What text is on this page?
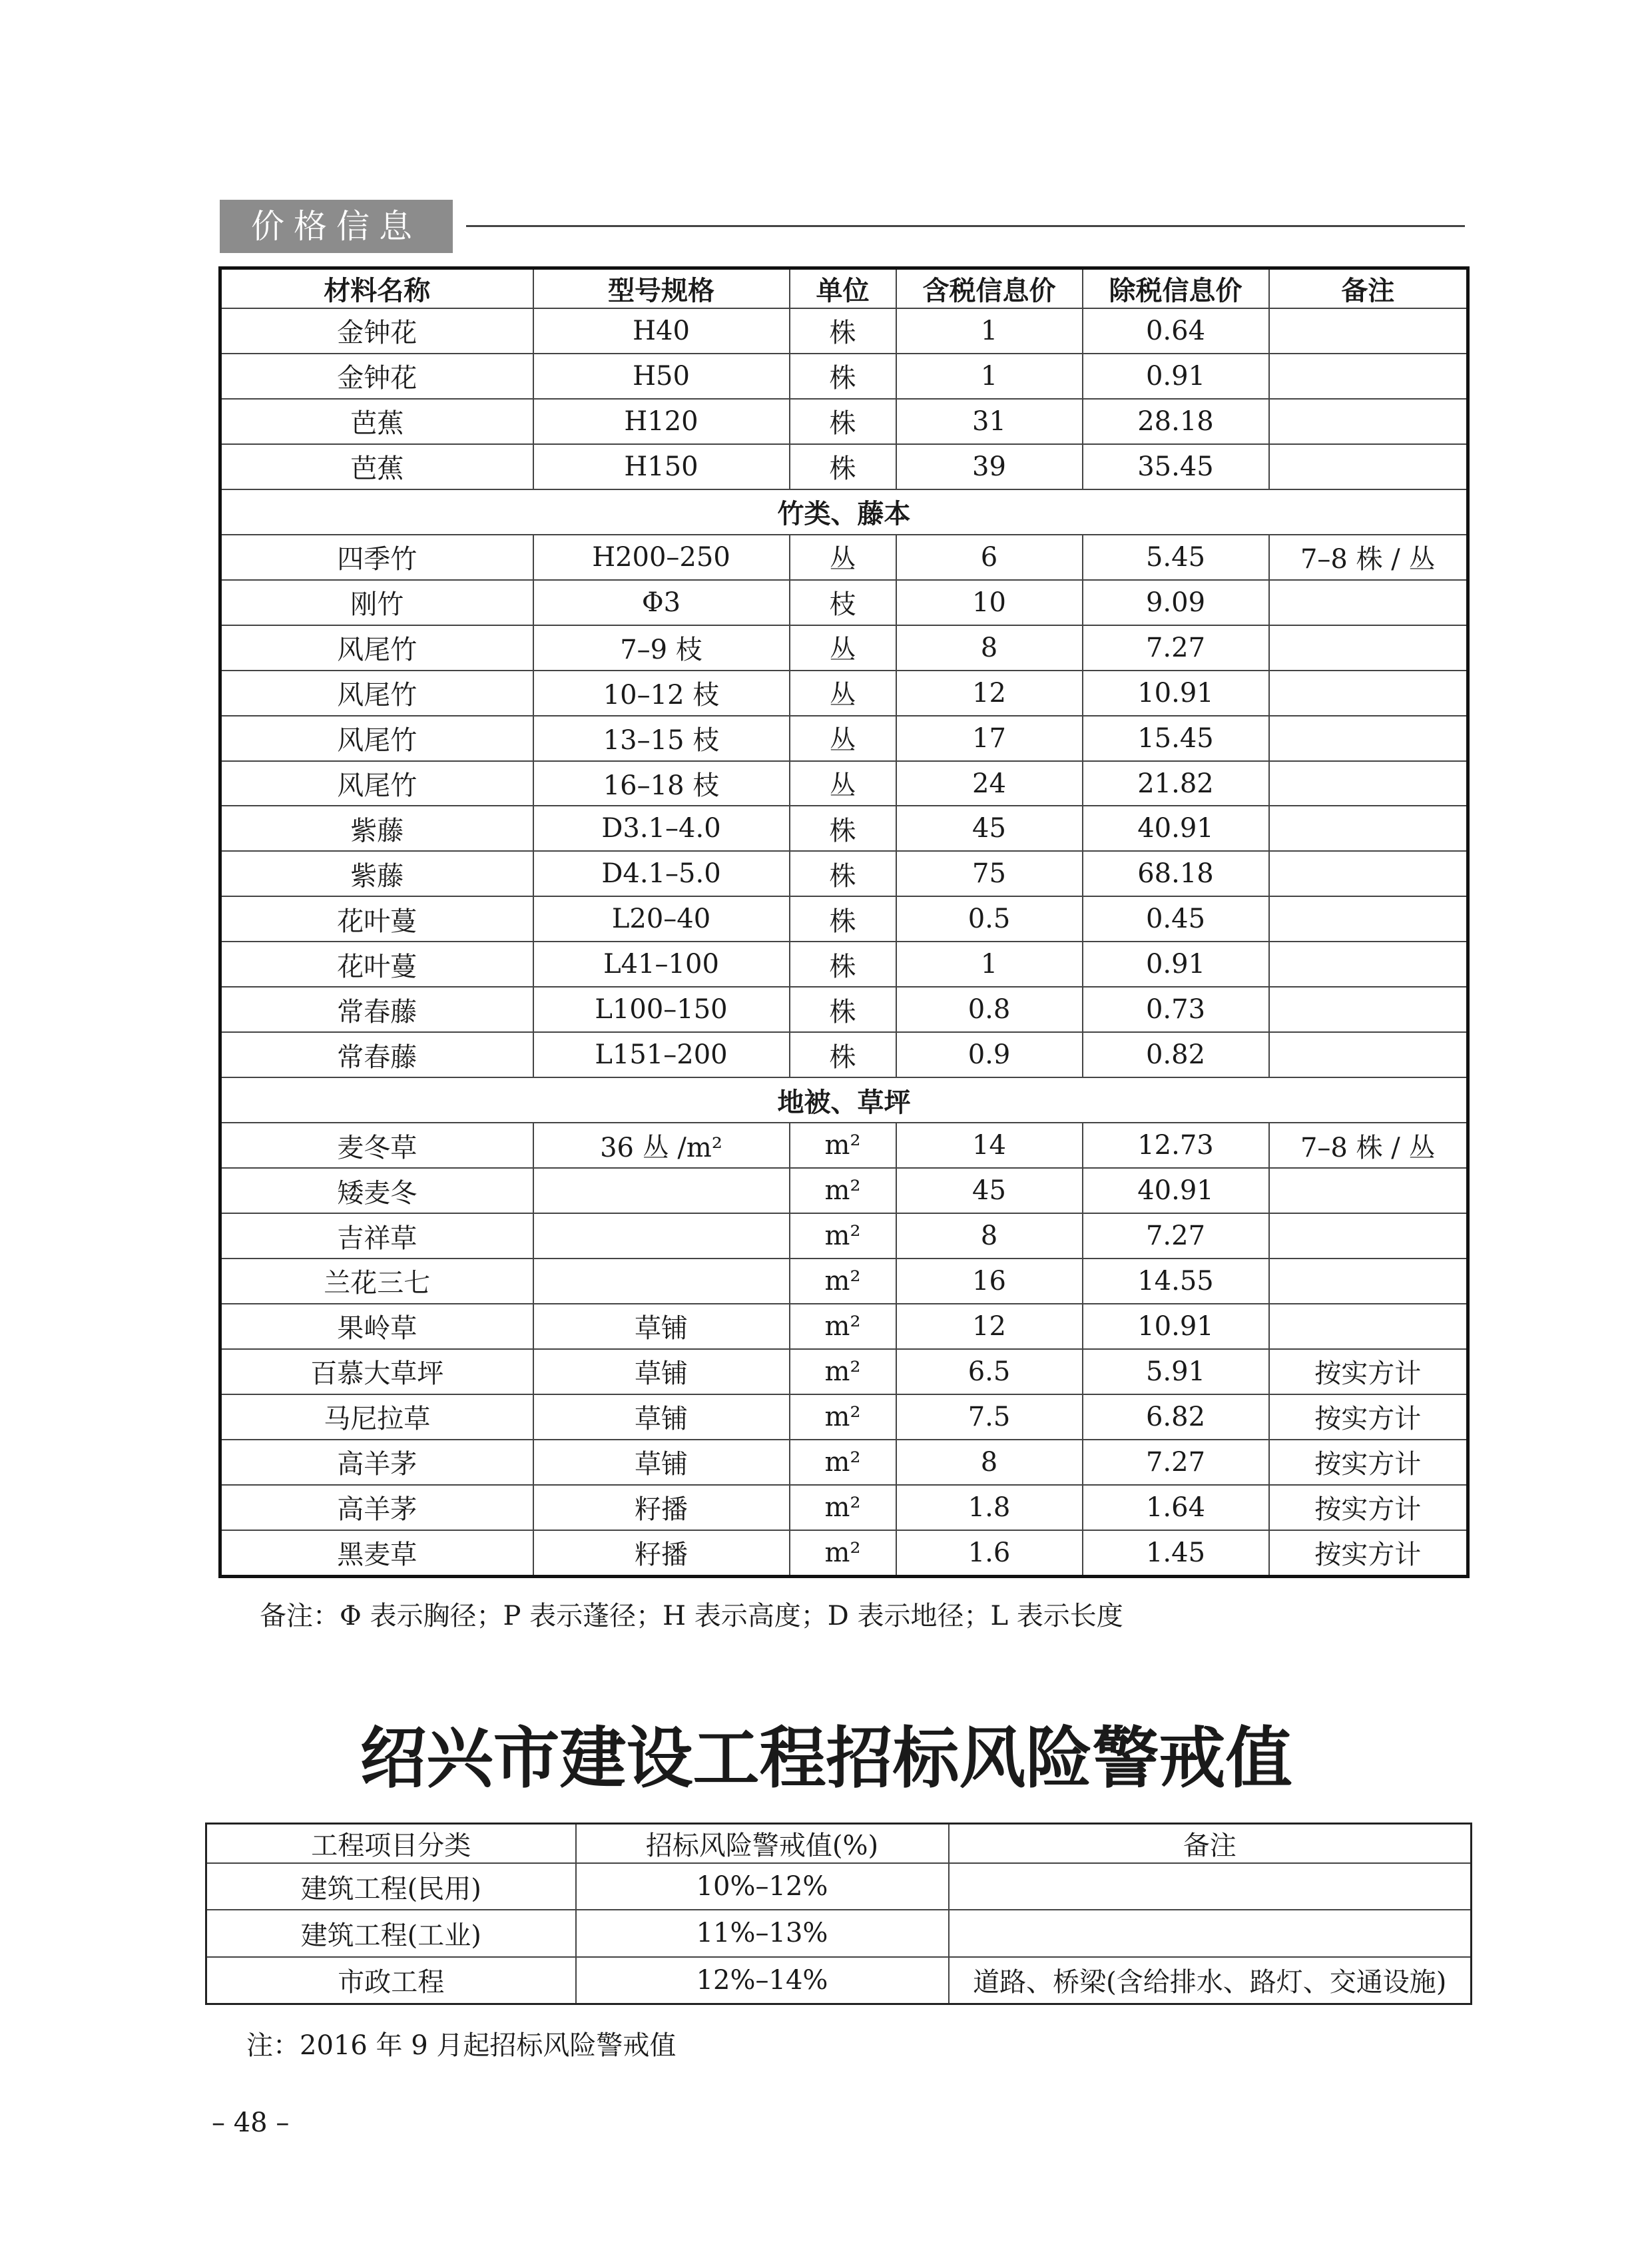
价格信息
材料名称	型号规格	单位	含税信息价	除税信息价	备注
金钟花	H40	株	1	0.64	
金钟花	H50	株	1	0.91	
芭蕉	H120	株	31	28.18	
芭蕉	H150	株	39	35.45	
竹类、藤本					
四季竹	H200–250	丛	6	5.45	7–8 株 / 丛
刚竹	Φ3	枝	10	9.09	
风尾竹	7–9 枝	丛	8	7.27	
风尾竹	10–12 枝	丛	12	10.91	
风尾竹	13–15 枝	丛	17	15.45	
风尾竹	16–18 枝	丛	24	21.82	
紫藤	D3.1–4.0	株	45	40.91	
紫藤	D4.1–5.0	株	75	68.18	
花叶蔓	L20–40	株	0.5	0.45	
花叶蔓	L41–100	株	1	0.91	
常春藤	L100–150	株	0.8	0.73	
常春藤	L151–200	株	0.9	0.82	
地被、草坪					
麦冬草	36 丛 /m²	m²	14	12.73	7–8 株 / 丛
矮麦冬		m²	45	40.91	
吉祥草		m²	8	7.27	
兰花三七		m²	16	14.55	
果岭草	草铺	m²	12	10.91	
百慕大草坪	草铺	m²	6.5	5.91	按实方计
马尼拉草	草铺	m²	7.5	6.82	按实方计
高羊茅	草铺	m²	8	7.27	按实方计
高羊茅	籽播	m²	1.8	1.64	按实方计
黑麦草	籽播	m²	1.6	1.45	按实方计
备注：Φ 表示胸径；P 表示蓬径；H 表示高度；D 表示地径；L 表示长度
绍兴市建设工程招标风险警戒值
工程项目分类	招标风险警戒值(%)	备注
建筑工程(民用)	10%–12%	
建筑工程(工业)	11%–13%	
市政工程	12%–14%	道路、桥梁(含给排水、路灯、交通设施)
注：2016 年 9 月起招标风险警戒值
– 48 –
